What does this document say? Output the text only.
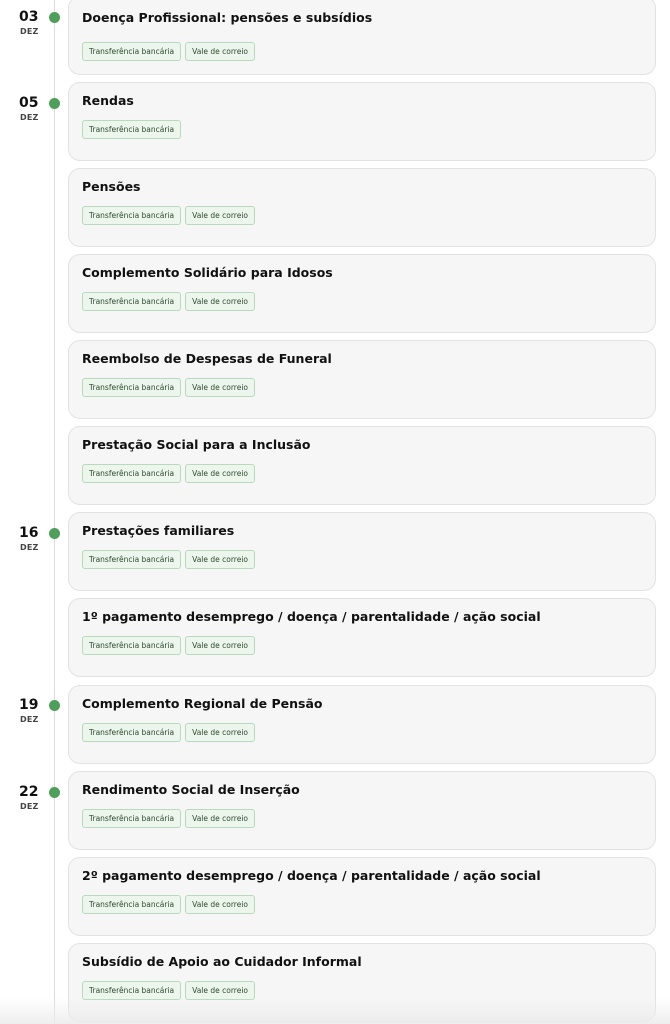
03
DEZ
05
DEZ
16
DEZ
19
DEZ
22
DEZ
Doença Profissional: pensões e subsídios
Transferência bancária	Vale de correio
Rendas
Transferência bancária
Pensões
Transferência bancária	Vale de correio
Complemento Solidário para Idosos
Transferência bancária	Vale de correio
Reembolso de Despesas de Funeral
Transferência bancária	Vale de correio
Prestação Social para a Inclusão
Transferência bancária	Vale de correio
Prestações familiares
Transferência bancária	Vale de correio
1º pagamento desemprego / doença / parentalidade / ação social
Transferência bancária	Vale de correio
Complemento Regional de Pensão
Transferência bancária	Vale de correio
Rendimento Social de Inserção
Transferência bancária	Vale de correio
2º pagamento desemprego / doença / parentalidade / ação social
Transferência bancária	Vale de correio
Subsídio de Apoio ao Cuidador Informal
Transferência bancária	Vale de correio
